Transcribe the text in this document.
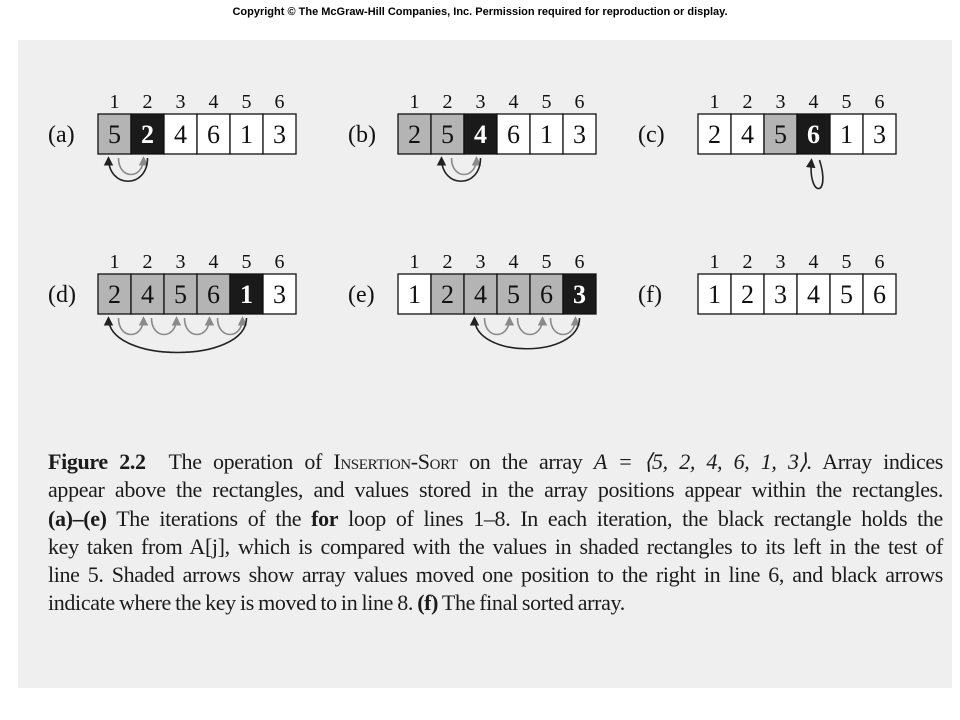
Copyright © The McGraw-Hill Companies, Inc. Permission required for reproduction or display.
(a)
1
5
2
2
3
4
4
6
5
1
6
3	(b)
1
2
2
5
3
4
4
6
5
1
6
3 (c)
1
2
2
4
3
5
4
6
5
1
6
3
(d)
1
2
2
4
3
5
4
6
5
1
6
3	(e)
1
1
2
2
3
4
4
5
5
6
6
3 (f)
1
1
2
2
3
3
4
4
5
5
6
6
Figure 2.2 The operation of Insertion-Sort on the array A = ⟨5, 2, 4, 6, 1, 3⟩. Array indices
appear above the rectangles, and values stored in the array positions appear within the rectangles.
(a)–(e) The iterations of the for loop of lines 1–8. In each iteration, the black rectangle holds the
key taken from A[j], which is compared with the values in shaded rectangles to its left in the test of
line 5. Shaded arrows show array values moved one position to the right in line 6, and black arrows
indicate where the key is moved to in line 8. (f) The final sorted array.
